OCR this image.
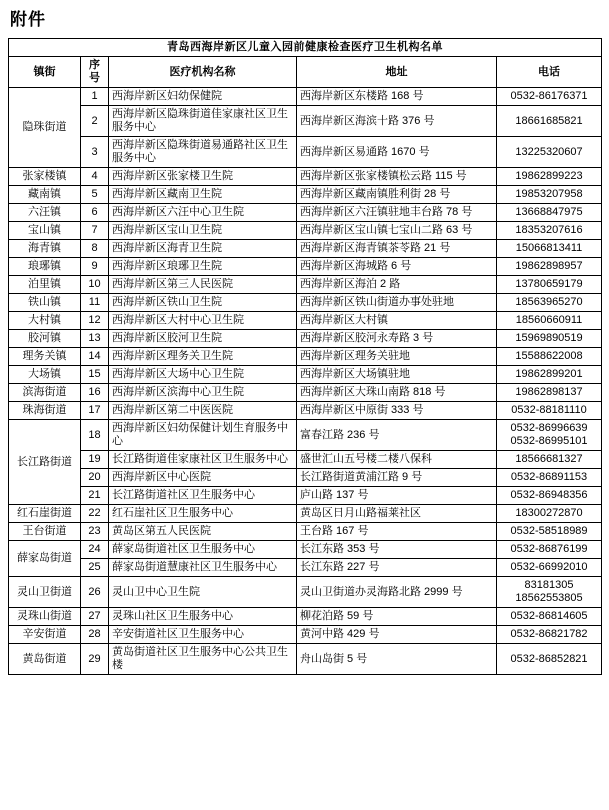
附件
青岛西海岸新区儿童入园前健康检查医疗卫生机构名单				
镇街	序号	医疗机构名称	地址	电话
隐珠街道	1	西海岸新区妇幼保健院	西海岸新区东楼路 168 号	0532-86176371

	2	西海岸新区隐珠街道佳家康社区卫生服务中心	西海岸新区海滨十路 376 号	18661685821

	3	西海岸新区隐珠街道易通路社区卫生服务中心	西海岸新区易通路 1670 号	13225320607

张家楼镇	4	西海岸新区张家楼卫生院	西海岸新区张家楼镇松云路 115 号	19862899223

藏南镇	5	西海岸新区藏南卫生院	西海岸新区藏南镇胜利街 28 号	19853207958

六汪镇	6	西海岸新区六汪中心卫生院	西海岸新区六汪镇驻地丰台路 78 号	13668847975

宝山镇	7	西海岸新区宝山卫生院	西海岸新区宝山镇七宝山二路 63 号	18353207616

海青镇	8	西海岸新区海青卫生院	西海岸新区海青镇茶苓路 21 号	15066813411

琅琊镇	9	西海岸新区琅琊卫生院	西海岸新区海城路 6 号	19862898957

泊里镇	10	西海岸新区第三人民医院	西海岸新区海泊 2 路	13780659179

铁山镇	11	西海岸新区铁山卫生院	西海岸新区铁山街道办事处驻地	18563965270

大村镇	12	西海岸新区大村中心卫生院	西海岸新区大村镇	18560660911

胶河镇	13	西海岸新区胶河卫生院	西海岸新区胶河永寿路 3 号	15969890519

理务关镇	14	西海岸新区理务关卫生院	西海岸新区理务关驻地	15588622008

大场镇	15	西海岸新区大场中心卫生院	西海岸新区大场镇驻地	19862899201

滨海街道	16	西海岸新区滨海中心卫生院	西海岸新区大珠山南路 818 号	19862898137

珠海街道	17	西海岸新区第二中医医院	西海岸新区中原街 333 号	0532-88181110

长江路街道	18	西海岸新区妇幼保健计划生育服务中心	富春江路 236 号	0532-86996639
0532-86995101

	19	长江路街道佳家康社区卫生服务中心	盛世汇山五号楼二楼八保科	18566681327

	20	西海岸新区中心医院	长江路街道黄浦江路 9 号	0532-86891153

	21	长江路街道社区卫生服务中心	庐山路 137 号	0532-86948356

红石崖街道	22	红石崖社区卫生服务中心	黄岛区日月山路福莱社区	18300272870

王台街道	23	黄岛区第五人民医院	王台路 167 号	0532-58518989

薛家岛街道	24	薛家岛街道社区卫生服务中心	长江东路 353 号	0532-86876199

	25	薛家岛街道慧康社区卫生服务中心	长江东路 227 号	0532-66992010

灵山卫街道	26	灵山卫中心卫生院	灵山卫街道办灵海路北路 2999 号	83181305
18562553805

灵珠山街道	27	灵珠山社区卫生服务中心	柳花泊路 59 号	0532-86814605

辛安街道	28	辛安街道社区卫生服务中心	黄河中路 429 号	0532-86821782

黄岛街道	29	黄岛街道社区卫生服务中心公共卫生楼	舟山岛街 5 号	0532-86852821
